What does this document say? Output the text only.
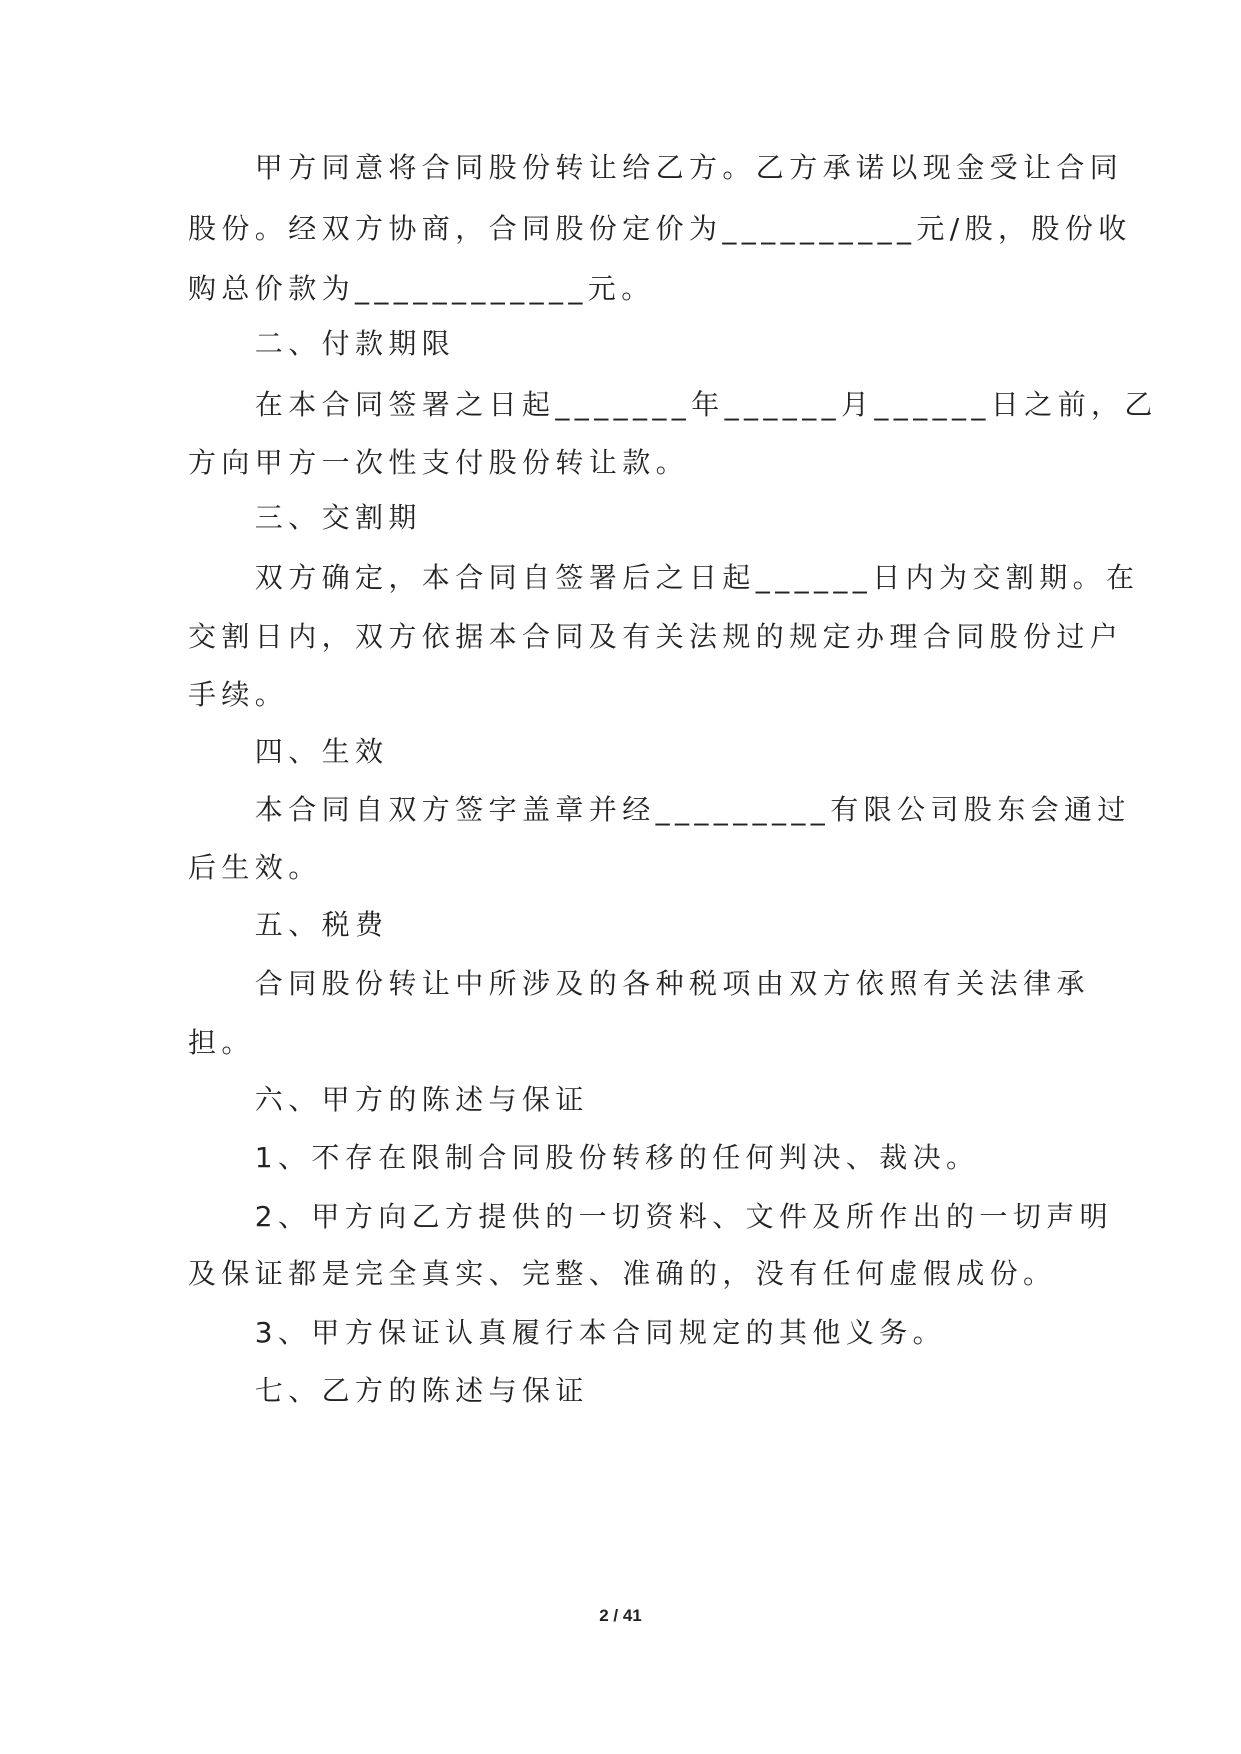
　　甲方同意将合同股份转让给乙方。乙方承诺以现金受让合同

股份。经双方协商，合同股份定价为__________元/股，股份收

购总价款为____________元。

　　二、付款期限

　　在本合同签署之日起_______年______月______日之前，乙

方向甲方一次性支付股份转让款。

　　三、交割期

　　双方确定，本合同自签署后之日起______日内为交割期。在

交割日内，双方依据本合同及有关法规的规定办理合同股份过户

手续。

　　四、生效

　　本合同自双方签字盖章并经_________有限公司股东会通过

后生效。

　　五、税费

　　合同股份转让中所涉及的各种税项由双方依照有关法律承

担。

　　六、甲方的陈述与保证

　　1、不存在限制合同股份转移的任何判决、裁决。

　　2、甲方向乙方提供的一切资料、文件及所作出的一切声明

及保证都是完全真实、完整、准确的，没有任何虚假成份。

　　3、甲方保证认真履行本合同规定的其他义务。

　　七、乙方的陈述与保证

2 / 41
